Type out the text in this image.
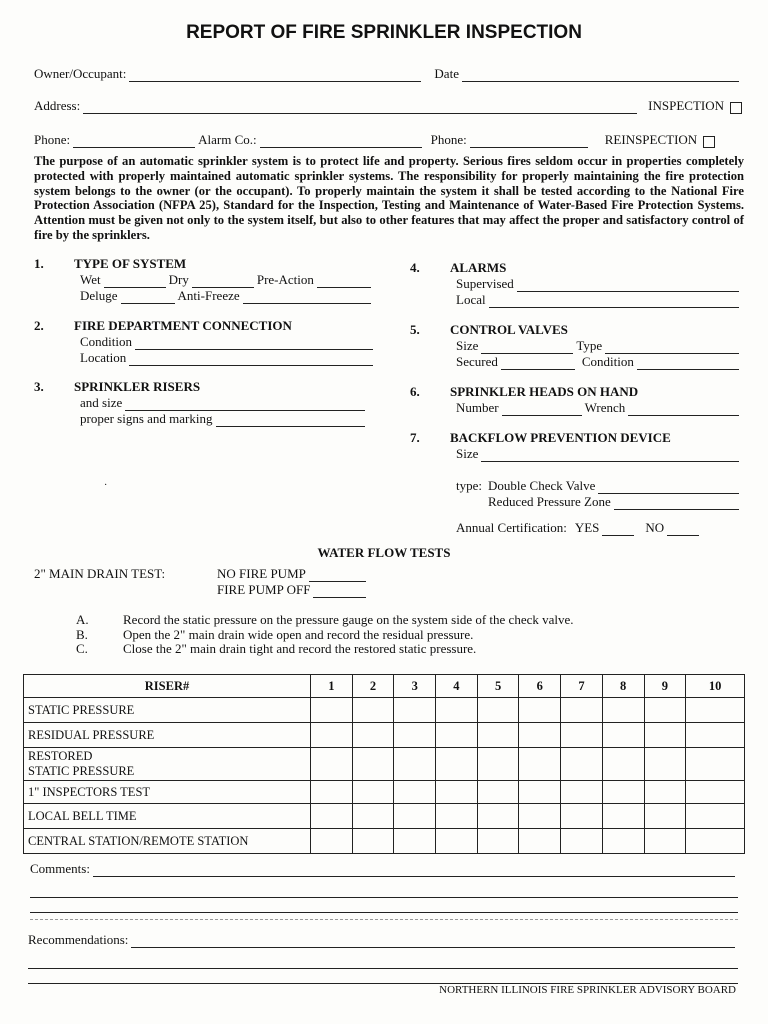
REPORT OF FIRE SPRINKLER INSPECTION
Owner/Occupant:	Date
Address:	INSPECTION
Phone:	Alarm Co.:	Phone:	REINSPECTION
The purpose of an automatic sprinkler system is to protect life and property. Serious fires seldom occur in properties completely protected with properly maintained automatic sprinkler systems. The responsibility for properly maintaining the fire protection system belongs to the owner (or the occupant). To properly maintain the system it shall be tested according to the National Fire Protection Association (NFPA 25), Standard for the Inspection, Testing and Maintenance of Water-Based Fire Protection Systems. Attention must be given not only to the system itself, but also to other features that may affect the proper and satisfactory control of fire by the sprinklers.
1.	TYPE OF SYSTEM
Wet	Dry	Pre-Action
Deluge	Anti-Freeze
2.	FIRE DEPARTMENT CONNECTION
Condition
Location
3.	SPRINKLER RISERS
and size
proper signs and marking
4.	ALARMS
Supervised
Local
5.	CONTROL VALVES
Size	Type
Secured	Condition
6.	SPRINKLER HEADS ON HAND
Number	Wrench
7.	BACKFLOW PREVENTION DEVICE
Size
type: Double Check Valve
Reduced Pressure Zone
Annual Certification: YES	NO
·
WATER FLOW TESTS
2" MAIN DRAIN TEST:	NO FIRE PUMP
FIRE PUMP OFF
A.	Record the static pressure on the pressure gauge on the system side of the check valve.
B.	Open the 2" main drain wide open and record the residual pressure.
C.	Close the 2" main drain tight and record the restored static pressure.
RISER#	1	2	3	4	5	6	7	8	9	10
STATIC PRESSURE										
RESIDUAL PRESSURE										
RESTORED
STATIC PRESSURE										
1" INSPECTORS TEST										
LOCAL BELL TIME										
CENTRAL STATION/REMOTE STATION										
Comments:
Recommendations:
NORTHERN ILLINOIS FIRE SPRINKLER ADVISORY BOARD
